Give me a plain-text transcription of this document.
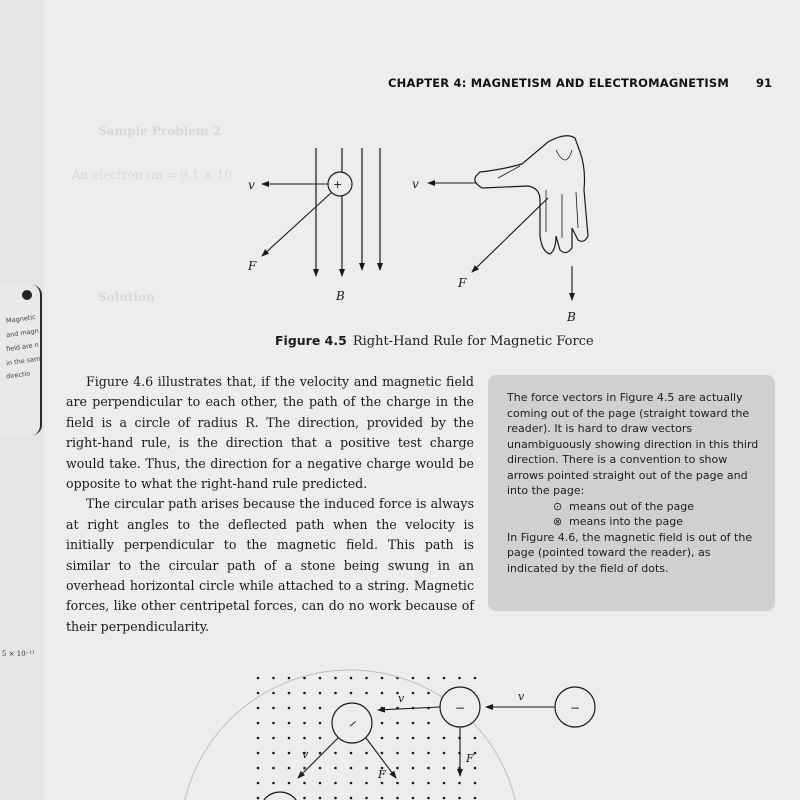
Magnetic
and magn
field are n
in the sam
directio
5 × 10⁻¹¹
Sample Problem 2
An electron (m = 9.1 × 10
Solution
CHAPTER 4: MAGNETISM AND ELECTROMAGNETISM 91
+
v
F
B
v
F
B
Figure 4.5 Right-Hand Rule for Magnetic Force

Figure 4.6 illustrates that, if the velocity and magnetic field are perpendicular to each other, the path of the charge in the field is a circle of radius R. The direction, provided by the right-hand rule, is the direction that a positive test charge would take. Thus, the direction for a negative charge would be opposite to what the right-hand rule predicted.

The circular path arises because the induced force is always at right angles to the deflected path when the velocity is initially perpendicular to the magnetic field. This path is similar to the circular path of a stone being swung in an overhead horizontal circle while attached to a string. Magnetic forces, like other centripetal forces, can do no work because of their perpendicularity.

The force vectors in Figure 4.5 are actually coming out of the page (straight toward the reader). It is hard to draw vectors unambiguously showing direction in this third direction. There is a convention to show arrows pointed straight out of the page and into the page:

⊙ means out of the page

⊗ means into the page

In Figure 4.6, the magnetic field is out of the page (pointed toward the reader), as indicated by the field of dots.

−
−	−
v
v
F
v
F
